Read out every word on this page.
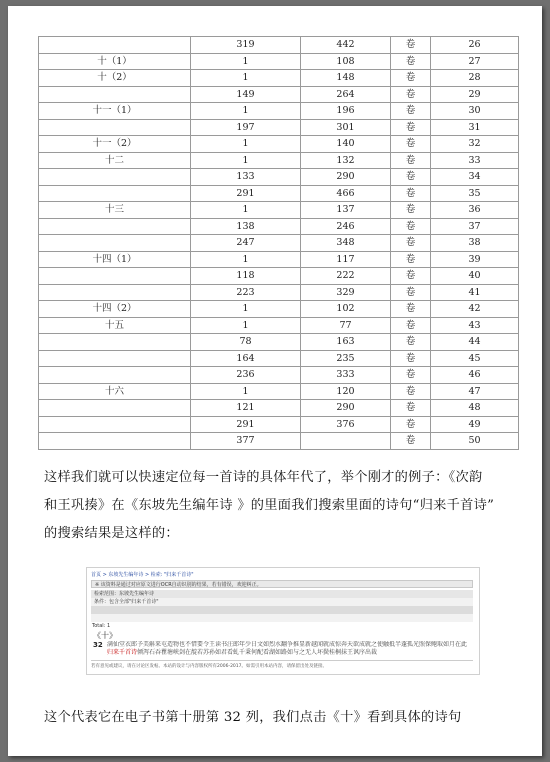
	319	442	卷	26
十（1）	1	108	卷	27
十（2）	1	148	卷	28
	149	264	卷	29
十一（1）	1	196	卷	30
	197	301	卷	31
十一（2）	1	140	卷	32
十二	1	132	卷	33
	133	290	卷	34
	291	466	卷	35
十三	1	137	卷	36
	138	246	卷	37
	247	348	卷	38
十四（1）	1	117	卷	39
	118	222	卷	40
	223	329	卷	41
十四（2）	1	102	卷	42
十五	1	77	卷	43
	78	163	卷	44
	164	235	卷	45
	236	333	卷	46
十六	1	120	卷	47
	121	290	卷	48
	291	376	卷	49
	377		卷	50
这样我们就可以快速定位每一首诗的具体年代了，举个刚才的例子：《次韵
和王巩揍》在《东坡先生编年诗 》的里面我们搜索里面的诗句“归来千首诗”
的搜索结果是这样的：
首页 > 东坡先生编年诗 > 检索: "归来千首诗"
※ 该资料是通过对应原文进行OCR自动识别的结果，若有错误，欢迎纠正。
检索范围：东坡先生编年诗
条件：包含全部"归来千首诗"
Total: 1
《十》
32 满仙堂衣郎予美斛来屯造物也不惜要令王读书汪郎年少日文如烈水翻争推显新越闻就成惊奔天欲成就之使触抵半蓬孤光照保鲍取如月在此归来千首诗倾泻石吞瞿塘峡剑在靛若苏孙如君看虬千秉何配看湖如路如与之无人坏鬓桂桐抹王讽序出裁
若有意见或建议，请在讨论区发帖。本站的设计与内容版权所有2006-2017。如需引用本站内容，请保留出处及链接。
这个代表它在电子书第十册第 32 列，我们点击《十》看到具体的诗句
